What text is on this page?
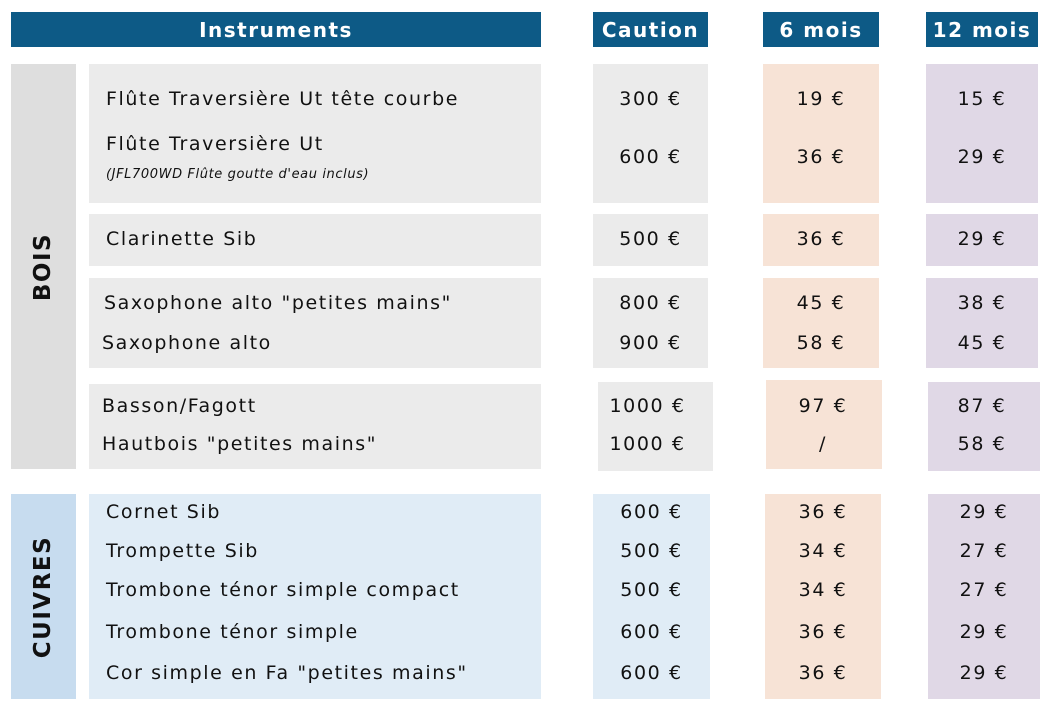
Instruments	Caution	6 mois	12 mois
BOIS
CUIVRES
Flûte Traversière Ut tête courbe	300 €	19 €	15 €
Flûte Traversière Ut
(JFL700WD Flûte goutte d'eau inclus)
600 €	36 €	29 €
Clarinette Sib	500 €	36 €	29 €
Saxophone alto "petites mains"	800 €	45 €	38 €
Saxophone alto	900 €	58 €	45 €
Basson/Fagott	1000 €	97 €	87 €
Hautbois "petites mains"	1000 €	/	58 €
Cornet Sib	600 €	36 €	29 €
Trompette Sib	500 €	34 €	27 €
Trombone ténor simple compact	500 €	34 €	27 €
Trombone ténor simple	600 €	36 €	29 €
Cor simple en Fa "petites mains"	600 €	36 €	29 €
